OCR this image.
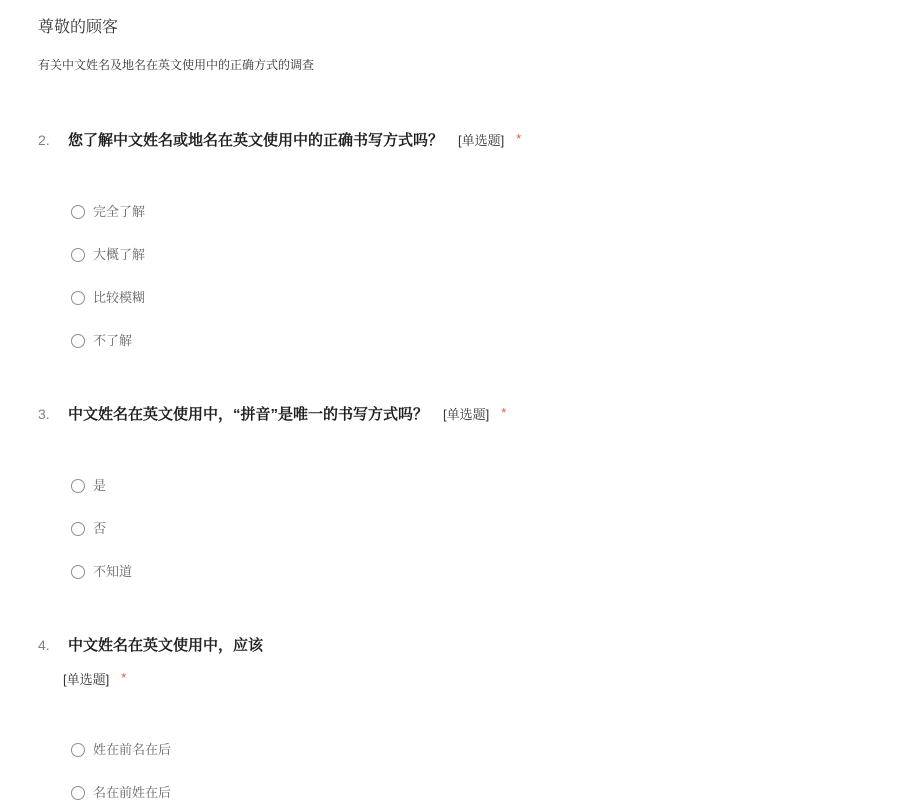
尊敬的顾客
有关中文姓名及地名在英文使用中的正确方式的调查
2.	您了解中文姓名或地名在英文使用中的正确书写方式吗？ [单选题] *
完全了解
大概了解
比较模糊
不了解
3.	中文姓名在英文使用中，“拼音”是唯一的书写方式吗？ [单选题] *
是
否
不知道
4.	中文姓名在英文使用中，应该
[单选题] *
姓在前名在后
名在前姓在后
